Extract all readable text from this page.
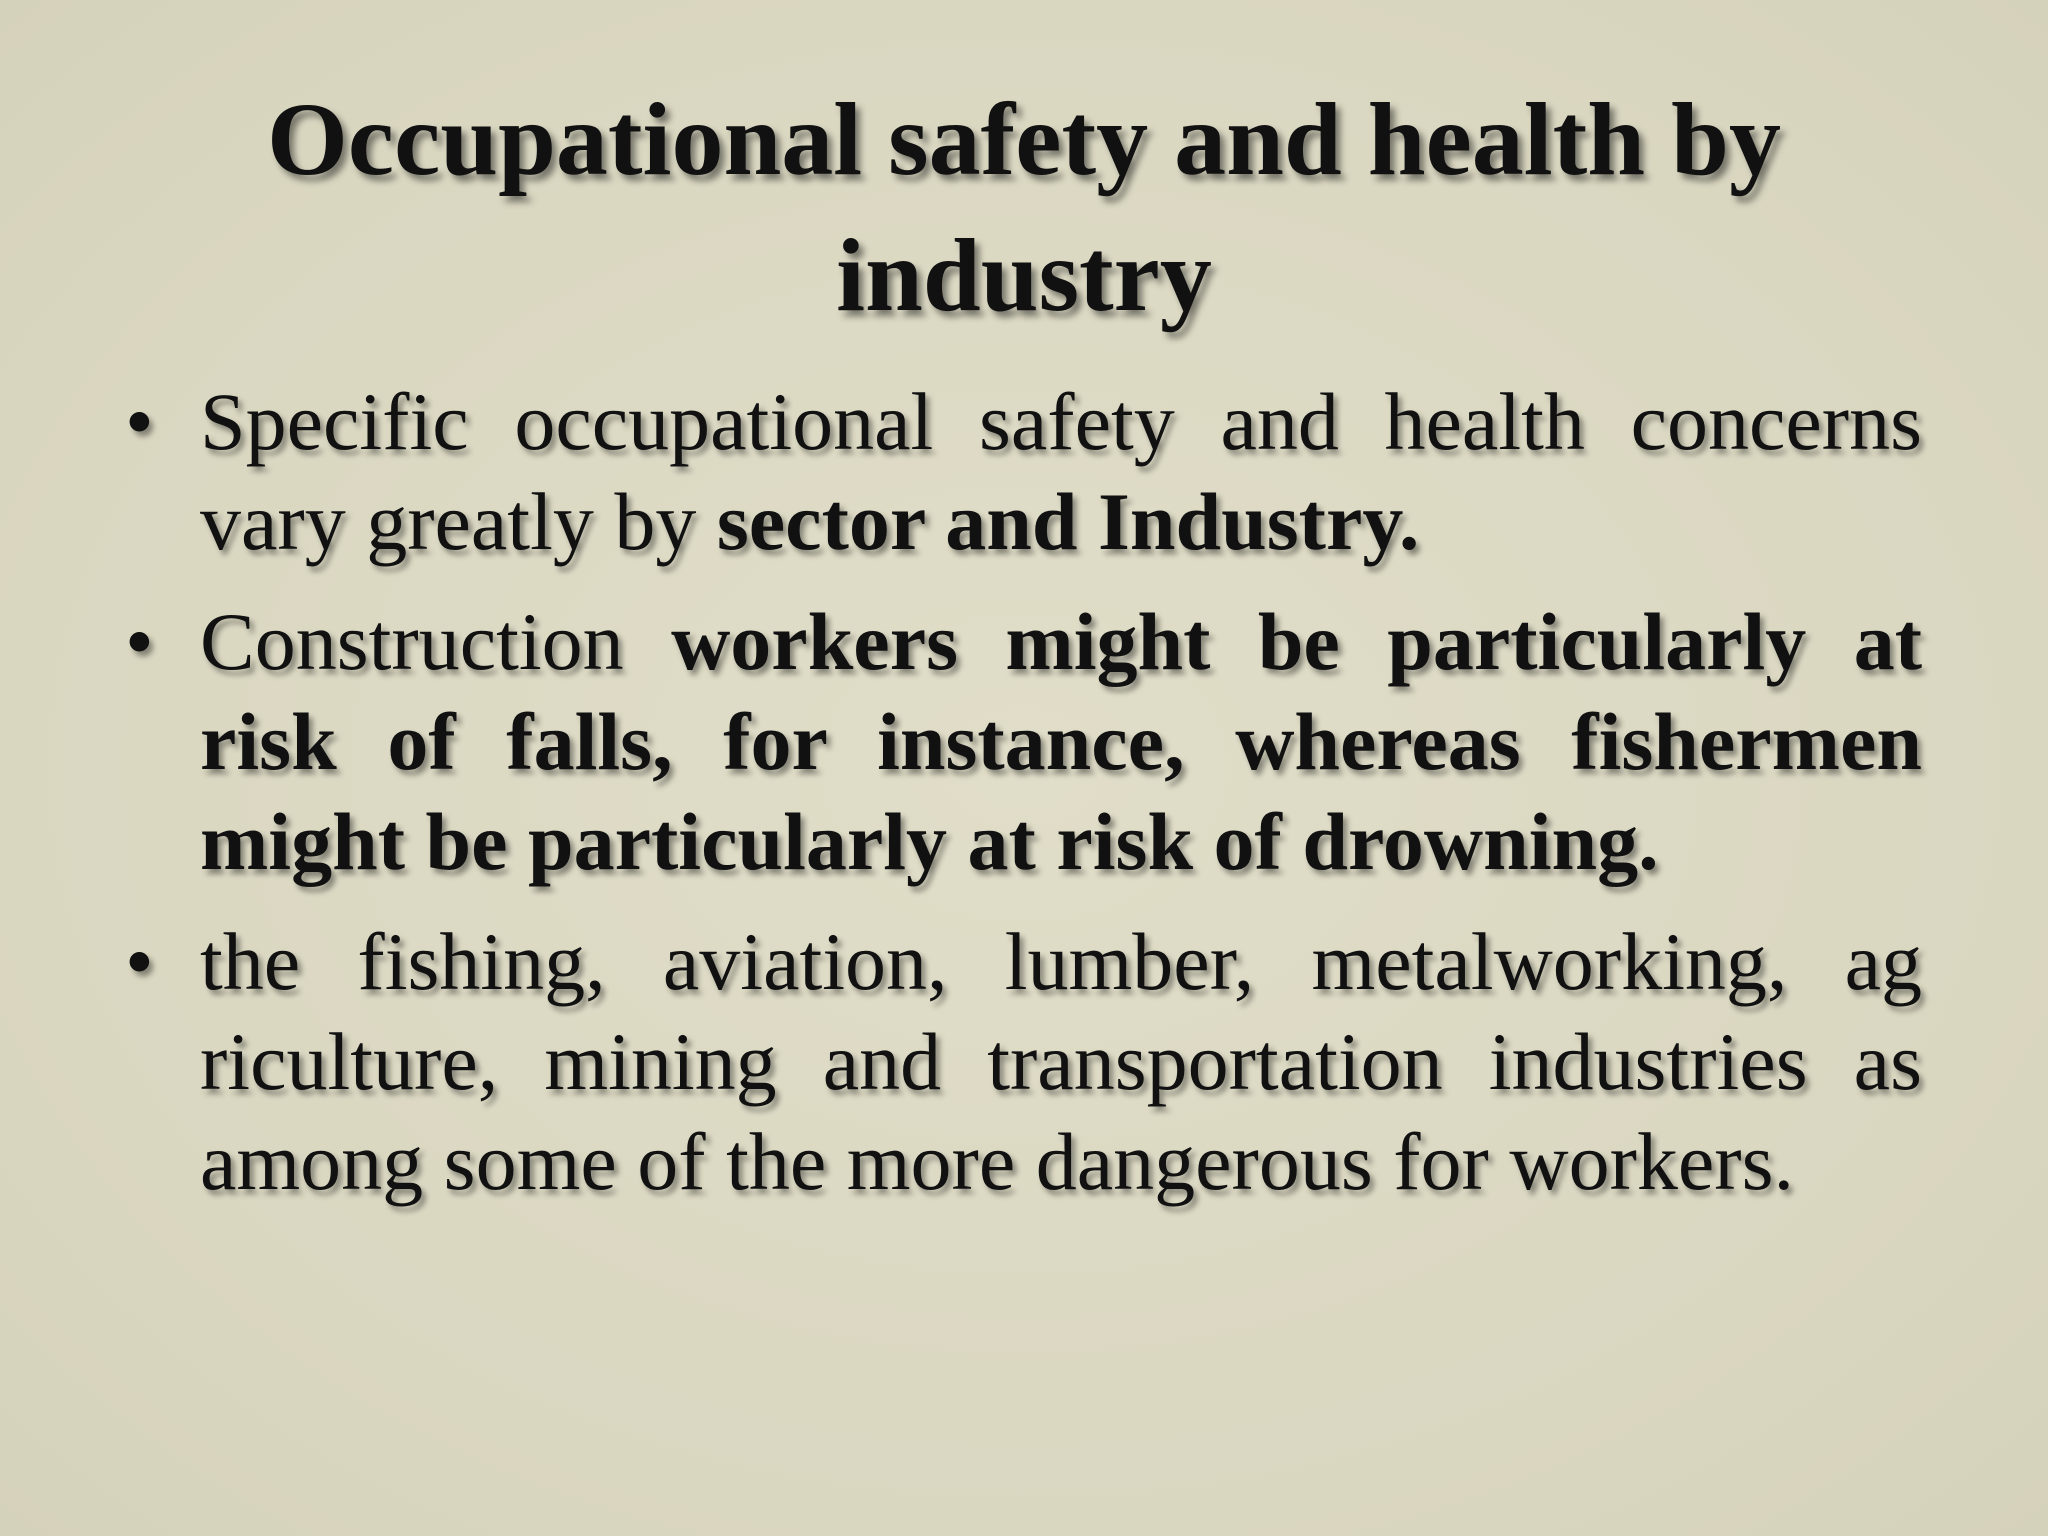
Occupational safety and health by
industry
• Specific occupational safety and health concerns vary greatly by sector and Industry.
• Construction workers might be particularly at risk of falls, for instance, whereas fishermen might be particularly at risk of drowning.
• the fishing, aviation, lumber, metalworking, ag riculture, mining and transportation industries as among some of the more dangerous for workers.
